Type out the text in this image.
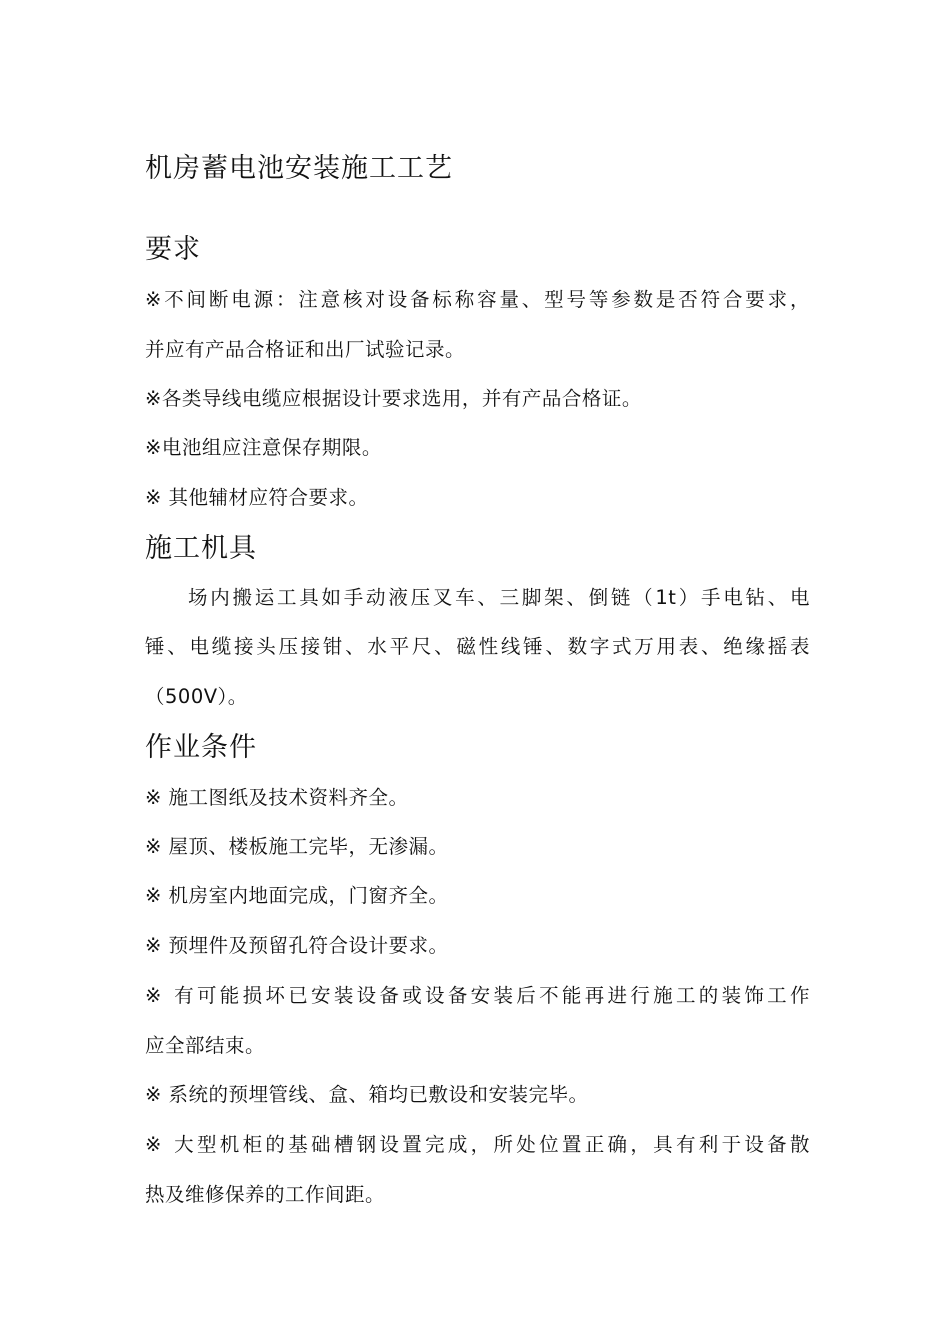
机房蓄电池安装施工工艺
要求
※不间断电源：注意核对设备标称容量、型号等参数是否符合要求，
并应有产品合格证和出厂试验记录。
※各类导线电缆应根据设计要求选用，并有产品合格证。
※电池组应注意保存期限。
※ 其他辅材应符合要求。
施工机具
场内搬运工具如手动液压叉车、三脚架、倒链（1t）手电钻、电
锤、电缆接头压接钳、水平尺、磁性线锤、数字式万用表、绝缘摇表
（500V）。
作业条件
※ 施工图纸及技术资料齐全。
※ 屋顶、楼板施工完毕，无渗漏。
※ 机房室内地面完成，门窗齐全。
※ 预埋件及预留孔符合设计要求。
※ 有可能损坏已安装设备或设备安装后不能再进行施工的装饰工作
应全部结束。
※ 系统的预埋管线、盒、箱均已敷设和安装完毕。
※ 大型机柜的基础槽钢设置完成，所处位置正确，具有利于设备散
热及维修保养的工作间距。
